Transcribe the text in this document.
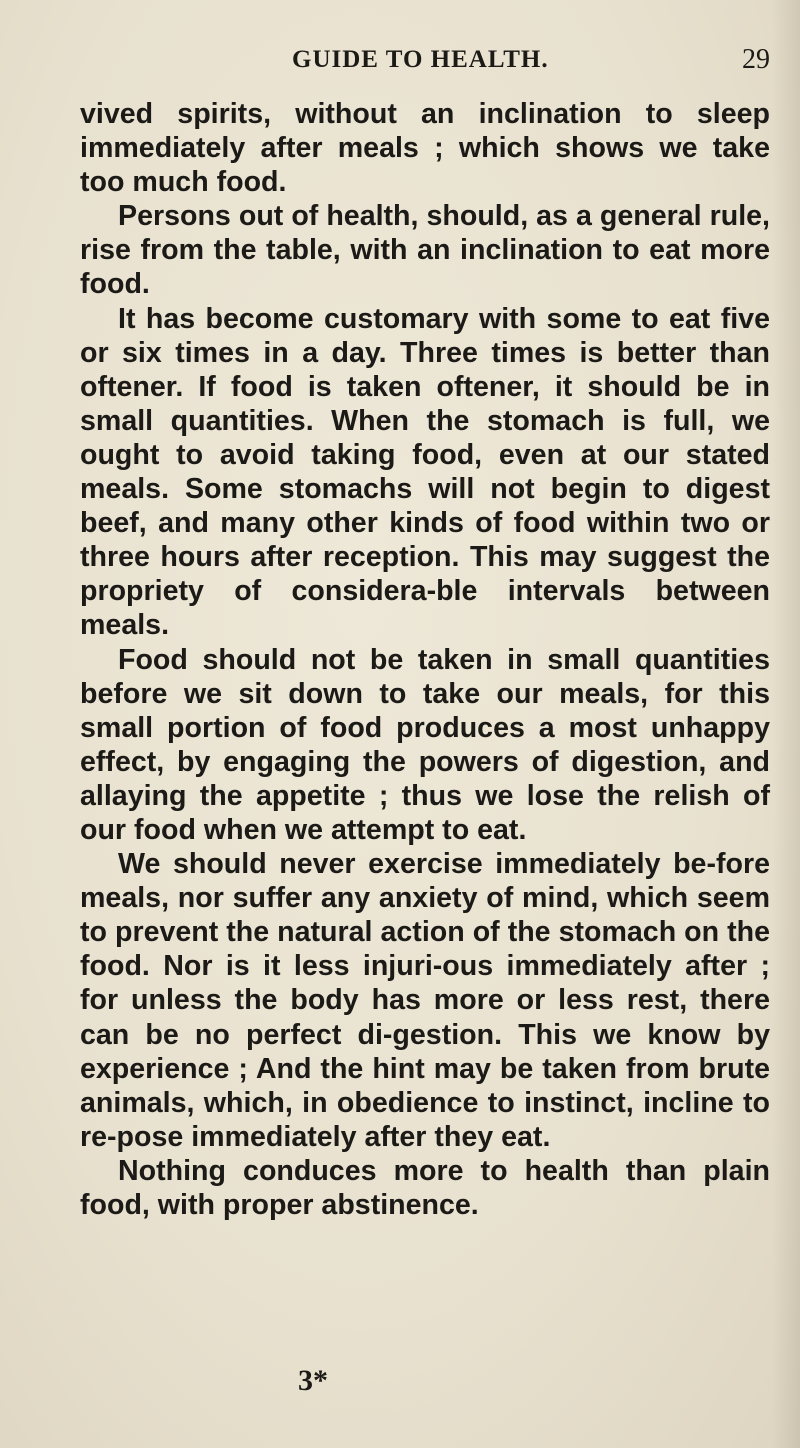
GUIDE TO HEALTH.	29

vived spirits, without an inclination to sleep immediately after meals ; which shows we take too much food.

Persons out of health, should, as a general rule, rise from the table, with an inclination to eat more food.

It has become customary with some to eat five or six times in a day. Three times is better than oftener. If food is taken oftener, it should be in small quantities. When the stomach is full, we ought to avoid taking food, even at our stated meals. Some stomachs will not begin to digest beef, and many other kinds of food within two or three hours after reception. This may suggest the propriety of considera-ble intervals between meals.

Food should not be taken in small quantities before we sit down to take our meals, for this small portion of food produces a most unhappy effect, by engaging the powers of digestion, and allaying the appetite ; thus we lose the relish of our food when we attempt to eat.

We should never exercise immediately be-fore meals, nor suffer any anxiety of mind, which seem to prevent the natural action of the stomach on the food. Nor is it less injuri-ous immediately after ; for unless the body has more or less rest, there can be no perfect di-gestion. This we know by experience ; And the hint may be taken from brute animals, which, in obedience to instinct, incline to re-pose immediately after they eat.

Nothing conduces more to health than plain food, with proper abstinence.

3*
